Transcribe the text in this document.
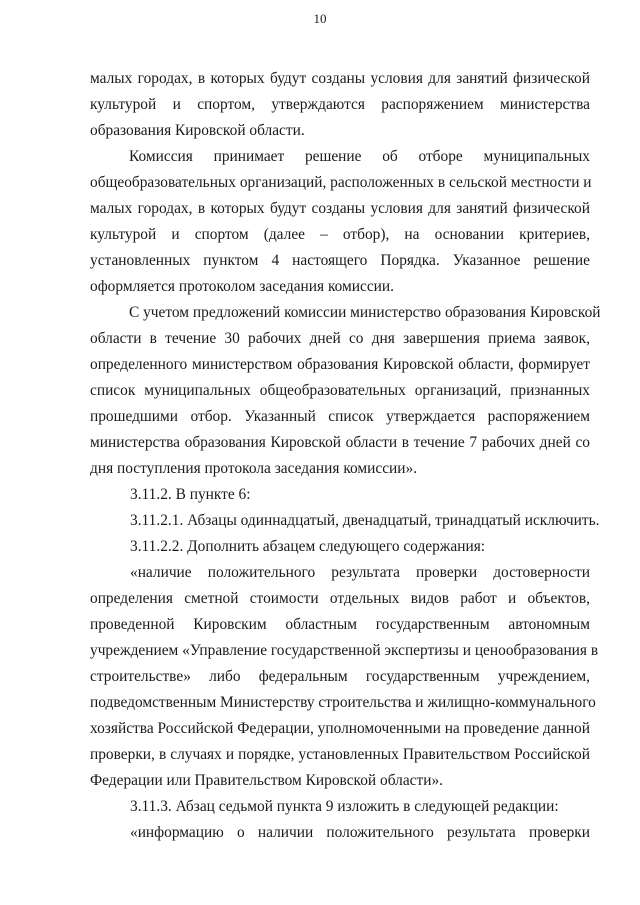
10
малых городах, в которых будут созданы условия для занятий физической
культурой и спортом, утверждаются распоряжением министерства
образования Кировской области.
Комиссия принимает решение об отборе муниципальных
общеобразовательных организаций, расположенных в сельской местности и
малых городах, в которых будут созданы условия для занятий физической
культурой и спортом (далее – отбор), на основании критериев,
установленных пунктом 4 настоящего Порядка. Указанное решение
оформляется протоколом заседания комиссии.
С учетом предложений комиссии министерство образования Кировской
области в течение 30 рабочих дней со дня завершения приема заявок,
определенного министерством образования Кировской области, формирует
список муниципальных общеобразовательных организаций, признанных
прошедшими отбор. Указанный список утверждается распоряжением
министерства образования Кировской области в течение 7 рабочих дней со
дня поступления протокола заседания комиссии».
3.11.2. В пункте 6:
3.11.2.1. Абзацы одиннадцатый, двенадцатый, тринадцатый исключить.
3.11.2.2. Дополнить абзацем следующего содержания:
«наличие положительного результата проверки достоверности
определения сметной стоимости отдельных видов работ и объектов,
проведенной Кировским областным государственным автономным
учреждением «Управление государственной экспертизы и ценообразования в
строительстве» либо федеральным государственным учреждением,
подведомственным Министерству строительства и жилищно-коммунального
хозяйства Российской Федерации, уполномоченными на проведение данной
проверки, в случаях и порядке, установленных Правительством Российской
Федерации или Правительством Кировской области».
3.11.3. Абзац седьмой пункта 9 изложить в следующей редакции:
«информацию о наличии положительного результата проверки
